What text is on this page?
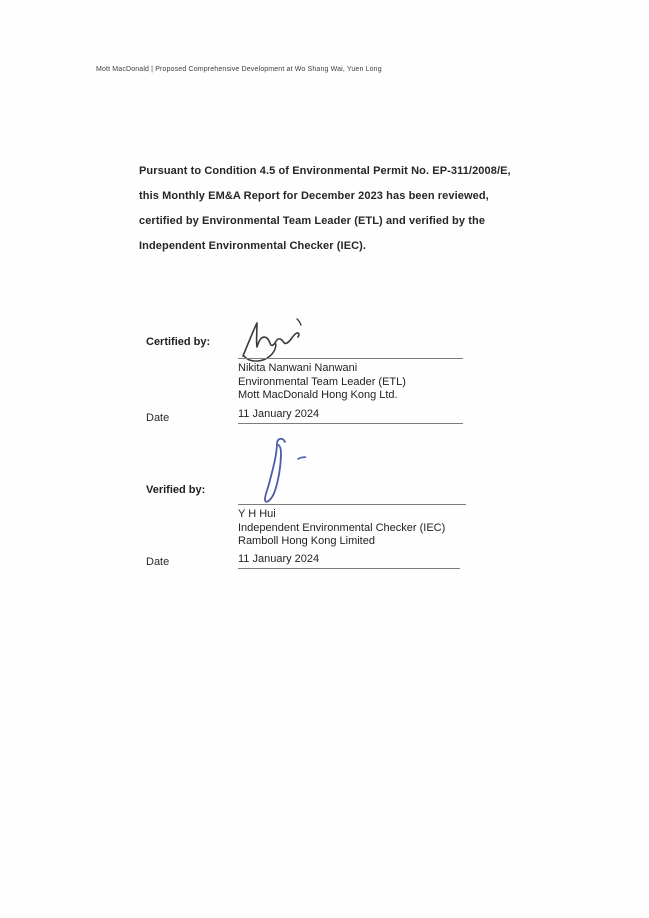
Mott MacDonald | Proposed Comprehensive Development at Wo Shang Wai, Yuen Long
Pursuant to Condition 4.5 of Environmental Permit No. EP-311/2008/E,
this Monthly EM&A Report for December 2023 has been reviewed,
certified by Environmental Team Leader (ETL) and verified by the
Independent Environmental Checker (IEC).
Certified by:
Nikita Nanwani Nanwani
Environmental Team Leader (ETL)
Mott MacDonald Hong Kong Ltd.
Date	11 January 2024
Verified by:
Y H Hui
Independent Environmental Checker (IEC)
Ramboll Hong Kong Limited
Date	11 January 2024
